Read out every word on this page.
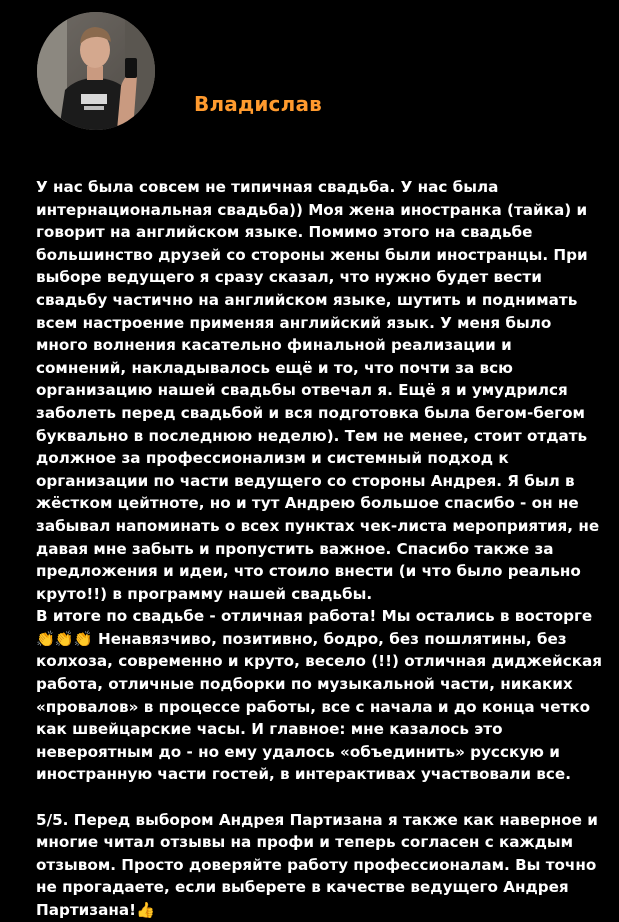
Владислав

У нас была совсем не типичная свадьба. У нас была интернациональная свадьба)) Моя жена иностранка (тайка) и говорит на английском языке. Помимо этого на свадьбе большинство друзей со стороны жены были иностранцы. При выборе ведущего я сразу сказал, что нужно будет вести свадьбу частично на английском языке, шутить и поднимать всем настроение применяя английский язык. У меня было много волнения касательно финальной реализации и сомнений, накладывалось ещё и то, что почти за всю организацию нашей свадьбы отвечал я. Ещё я и умудрился заболеть перед свадьбой и вся подготовка была бегом-бегом буквально в последнюю неделю). Тем не менее, стоит отдать должное за профессионализм и системный подход к организации по части ведущего со стороны Андрея. Я был в жёстком цейтноте, но и тут Андрею большое спасибо - он не забывал напоминать о всех пунктах чек-листа мероприятия, не давая мне забыть и пропустить важное. Спасибо также за предложения и идеи, что стоило внести (и что было реально круто!!) в программу нашей свадьбы.

В итоге по свадьбе - отличная работа! Мы остались в восторге👏👏👏 Ненавязчиво, позитивно, бодро, без пошлятины, без колхоза, современно и круто, весело (!!) отличная диджейская работа, отличные подборки по музыкальной части, никаких «провалов» в процессе работы, все с начала и до конца четко как швейцарские часы. И главное: мне казалось это невероятным до - но ему удалось «объединить» русскую и иностранную части гостей, в интерактивах участвовали все.

5/5. Перед выбором Андрея Партизана я также как наверное и многие читал отзывы на профи и теперь согласен с каждым отзывом. Просто доверяйте работу профессионалам. Вы точно не прогадаете, если выберете в качестве ведущего Андрея Партизана!👍
